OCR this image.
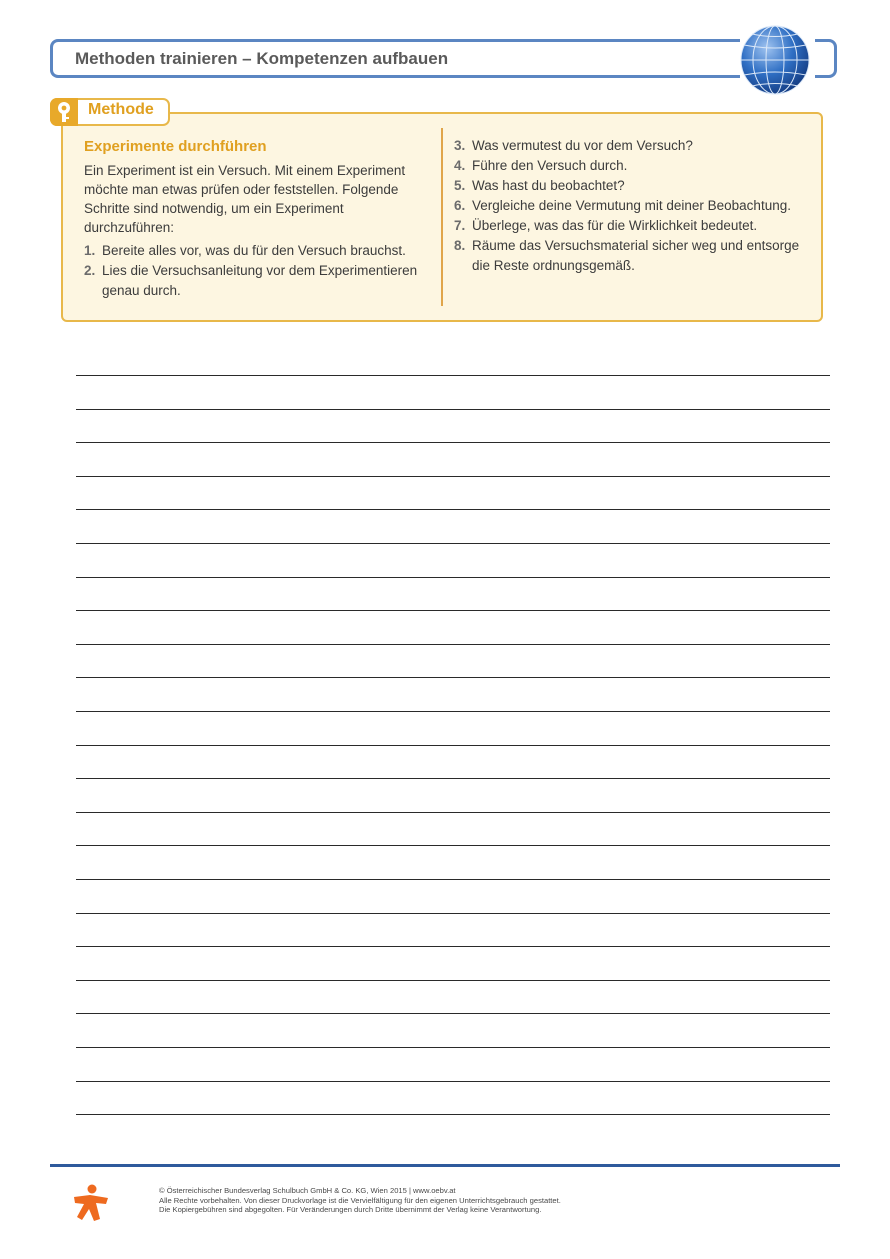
Methoden trainieren – Kompetenzen aufbauen
Methode
Experimente durchführen
Ein Experiment ist ein Versuch. Mit einem Experiment möchte man etwas prüfen oder feststellen. Folgende Schritte sind notwendig, um ein Experiment durchzuführen:
1. Bereite alles vor, was du für den Versuch brauchst.
2. Lies die Versuchsanleitung vor dem Experimentieren genau durch.
3. Was vermutest du vor dem Versuch?
4. Führe den Versuch durch.
5. Was hast du beobachtet?
6. Vergleiche deine Vermutung mit deiner Beobachtung.
7. Überlege, was das für die Wirklichkeit bedeutet.
8. Räume das Versuchsmaterial sicher weg und entsorge die Reste ordnungsgemäß.
© Österreichischer Bundesverlag Schulbuch GmbH & Co. KG, Wien 2015 | www.oebv.at
Alle Rechte vorbehalten. Von dieser Druckvorlage ist die Vervielfältigung für den eigenen Unterrichtsgebrauch gestattet.
Die Kopiergebühren sind abgegolten. Für Veränderungen durch Dritte übernimmt der Verlag keine Verantwortung.
